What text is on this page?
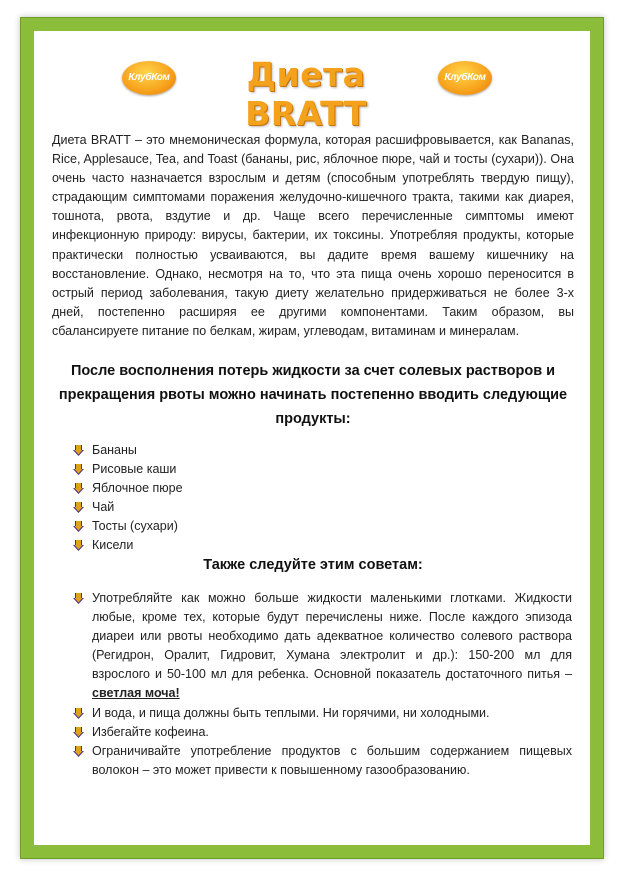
КлубКом	Диета BRATT
КлубКом

Диета BRATT – это мнемоническая формула, которая расшифровывается, как Bananas, Rice, Applesauce, Tea, and Toast (бананы, рис, яблочное пюре, чай и тосты (сухари)). Она очень часто назначается взрослым и детям (способным употреблять твердую пищу), страдающим симптомами поражения желудочно-кишечного тракта, такими как диарея, тошнота, рвота, вздутие и др. Чаще всего перечисленные симптомы имеют инфекционную природу: вирусы, бактерии, их токсины. Употребляя продукты, которые практически полностью усваиваются, вы дадите время вашему кишечнику на восстановление. Однако, несмотря на то, что эта пища очень хорошо переносится в острый период заболевания, такую диету желательно придерживаться не более 3-х дней, постепенно расширяя ее другими компонентами. Таким образом, вы сбалансируете питание по белкам, жирам, углеводам, витаминам и минералам.

После восполнения потерь жидкости за счет солевых растворов и прекращения рвоты можно начинать постепенно вводить следующие продукты:
Бананы
Рисовые каши
Яблочное пюре
Чай
Тосты (сухари)
Кисели
Также следуйте этим советам:
Употребляйте как можно больше жидкости маленькими глотками. Жидкости любые, кроме тех, которые будут перечислены ниже. После каждого эпизода диареи или рвоты необходимо дать адекватное количество солевого раствора (Регидрон, Оралит, Гидровит, Хумана электролит и др.): 150-200 мл для взрослого и 50-100 мл для ребенка. Основной показатель достаточного питья – светлая моча!
И вода, и пища должны быть теплыми. Ни горячими, ни холодными.
Избегайте кофеина.
Ограничивайте употребление продуктов с большим содержанием пищевых волокон – это может привести к повышенному газообразованию.
